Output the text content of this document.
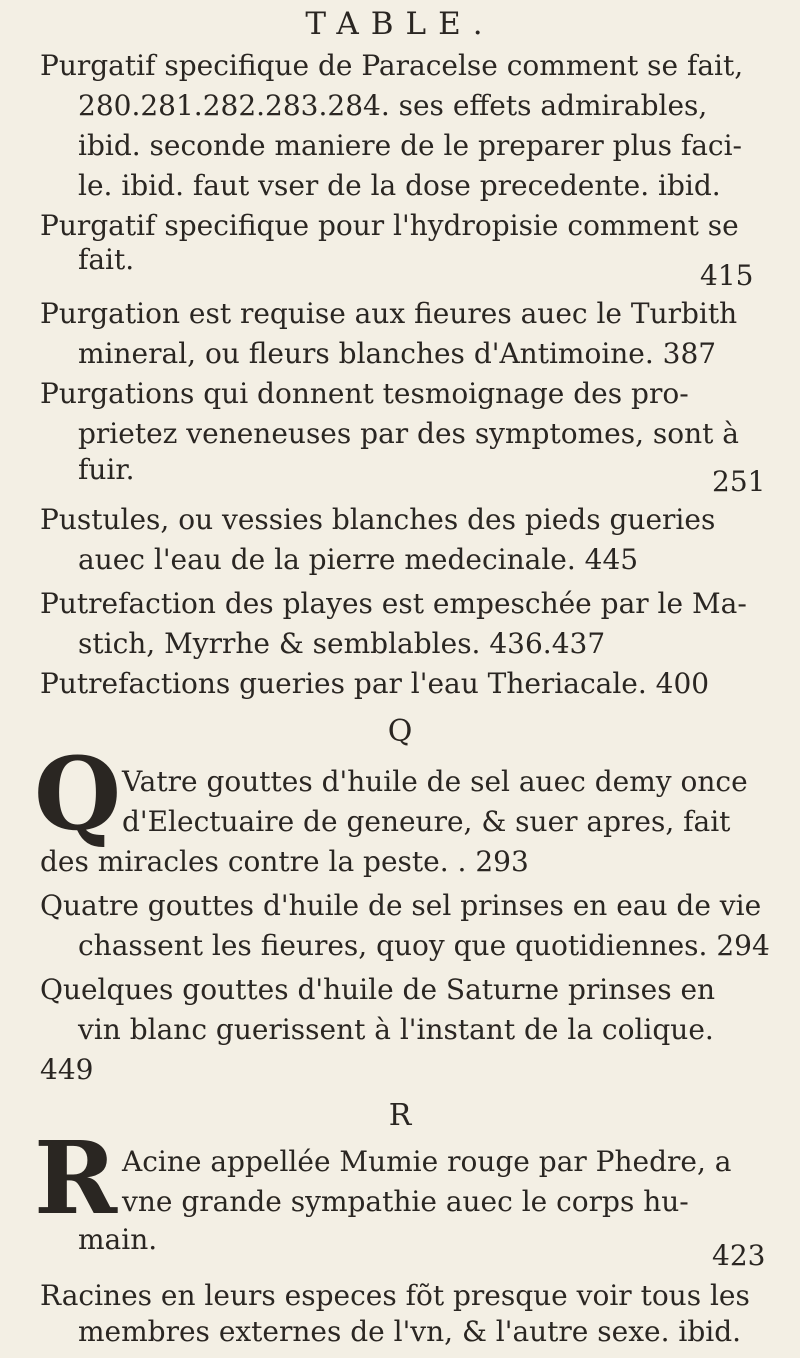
TABLE.
Purgatif specifique de Paracelse comment se fait,
280.281.282.283.284. ses effets admirables,
ibid. seconde maniere de le preparer plus faci-
le. ibid. faut vser de la dose precedente. ibid.
Purgatif specifique pour l'hydropisie comment se
fait.	415
Purgation est requise aux fieures auec le Turbith
mineral, ou fleurs blanches d'Antimoine. 387
Purgations qui donnent tesmoignage des pro-
prietez veneneuses par des symptomes, sont à
fuir.	251
Pustules, ou vessies blanches des pieds gueries
auec l'eau de la pierre medecinale. 445
Putrefaction des playes est empeschée par le Ma-
stich, Myrrhe & semblables. 436.437
Putrefactions gueries par l'eau Theriacale. 400
Q
Q Vatre gouttes d'huile de sel auec demy once
d'Electuaire de geneure, & suer apres, fait
des miracles contre la peste. . 293
Quatre gouttes d'huile de sel prinses en eau de vie
chassent les fieures, quoy que quotidiennes. 294
Quelques gouttes d'huile de Saturne prinses en
vin blanc guerissent à l'instant de la colique.
449
R
R Acine appellée Mumie rouge par Phedre, a
vne grande sympathie auec le corps hu-
main.	423
Racines en leurs especes fõt presque voir tous les
membres externes de l'vn, & l'autre sexe. ibid.
